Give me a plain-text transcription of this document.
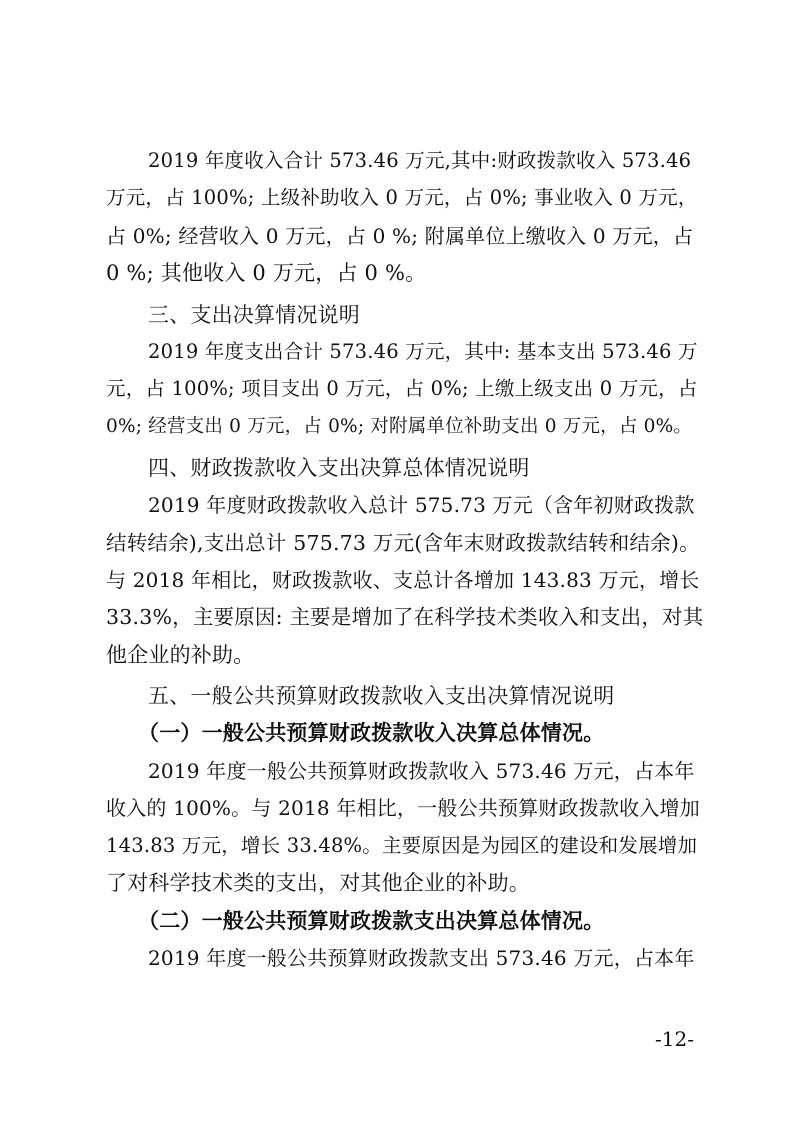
2019 年度收入合计 573.46 万元,其中:财政拨款收入 573.46
万元，占 100%; 上级补助收入 0 万元，占 0%; 事业收入 0 万元，
占 0%; 经营收入 0 万元，占 0 %; 附属单位上缴收入 0 万元，占
0 %; 其他收入 0 万元，占 0 %。
三、支出决算情况说明
2019 年度支出合计 573.46 万元，其中: 基本支出 573.46 万
元，占 100%; 项目支出 0 万元，占 0%; 上缴上级支出 0 万元，占
0%; 经营支出 0 万元，占 0%; 对附属单位补助支出 0 万元，占 0%。
四、财政拨款收入支出决算总体情况说明
2019 年度财政拨款收入总计 575.73 万元（含年初财政拨款
结转结余),支出总计 575.73 万元(含年末财政拨款结转和结余)。
与 2018 年相比，财政拨款收、支总计各增加 143.83 万元，增长
33.3%，主要原因: 主要是增加了在科学技术类收入和支出，对其
他企业的补助。
五、一般公共预算财政拨款收入支出决算情况说明
（一）一般公共预算财政拨款收入决算总体情况。
2019 年度一般公共预算财政拨款收入 573.46 万元，占本年
收入的 100%。与 2018 年相比，一般公共预算财政拨款收入增加
143.83 万元，增长 33.48%。主要原因是为园区的建设和发展增加
了对科学技术类的支出，对其他企业的补助。
（二）一般公共预算财政拨款支出决算总体情况。
2019 年度一般公共预算财政拨款支出 573.46 万元，占本年
-12-
